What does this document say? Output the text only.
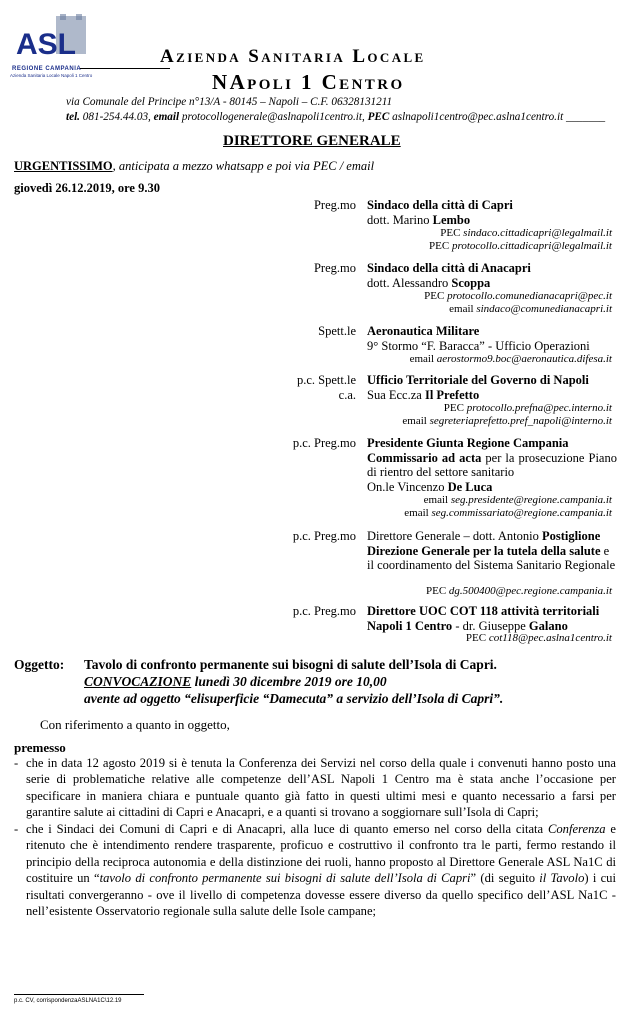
ASL
REGIONE CAMPANIA
Azienda Sanitaria Locale Napoli 1 Centro
Azienda Sanitaria Locale
NApoli 1 Centro
via Comunale del Principe n°13/A - 80145 – Napoli – C.F. 06328131211
tel. 081-254.44.03, email protocollogenerale@aslnapoli1centro.it, PEC aslnapoli1centro@pec.aslna1centro.it _______
DIRETTORE GENERALE
URGENTISSIMO, anticipata a mezzo whatsapp e poi via PEC / email
giovedì 26.12.2019, ore 9.30
Preg.mo Sindaco della città di Capri
dott. Marino Lembo
PEC sindaco.cittadicapri@legalmail.it
PEC protocollo.cittadicapri@legalmail.it
Preg.mo Sindaco della città di Anacapri
dott. Alessandro Scoppa
PEC protocollo.comunedianacapri@pec.it
email sindaco@comunedianacapri.it
Spett.le Aeronautica Militare
9° Stormo “F. Baracca” - Ufficio Operazioni
email aerostormo9.boc@aeronautica.difesa.it
p.c. Spett.le
c.a.
Ufficio Territoriale del Governo di Napoli
Sua Ecc.za Il Prefetto
PEC protocollo.prefna@pec.interno.it
email segreteriaprefetto.pref_napoli@interno.it
p.c. Preg.mo Presidente Giunta Regione Campania
Commissario ad acta per la prosecuzione Piano di rientro del settore sanitario
On.le Vincenzo De Luca
email seg.presidente@regione.campania.it
email seg.commissariato@regione.campania.it
p.c. Preg.mo Direttore Generale – dott. Antonio Postiglione
Direzione Generale per la tutela della salute e il coordinamento del Sistema Sanitario Regionale
PEC dg.500400@pec.regione.campania.it
p.c. Preg.mo Direttore UOC COT 118 attività territoriali Napoli 1 Centro - dr. Giuseppe Galano
PEC cot118@pec.aslna1centro.it
Oggetto: Tavolo di confronto permanente sui bisogni di salute dell’Isola di Capri.
CONVOCAZIONE lunedì 30 dicembre 2019 ore 10,00
avente ad oggetto “elisuperficie “Damecuta” a servizio dell’Isola di Capri”.
Con riferimento a quanto in oggetto,
premesso
- che in data 12 agosto 2019 si è tenuta la Conferenza dei Servizi nel corso della quale i convenuti hanno posto una serie di problematiche relative alle competenze dell’ASL Napoli 1 Centro ma è stata anche l’occasione per specificare in maniera chiara e puntuale quanto già fatto in questi ultimi mesi e quanto necessario a farsi per garantire salute ai cittadini di Capri e Anacapri, e a quanti si trovano a soggiornare sull’Isola di Capri;
- che i Sindaci dei Comuni di Capri e di Anacapri, alla luce di quanto emerso nel corso della citata Conferenza e ritenuto che è intendimento rendere trasparente, proficuo e costruttivo il confronto tra le parti, fermo restando il principio della reciproca autonomia e della distinzione dei ruoli, hanno proposto al Direttore Generale ASL Na1C di costituire un “tavolo di confronto permanente sui bisogni di salute dell’Isola di Capri” (di seguito il Tavolo) i cui risultati convergeranno - ove il livello di competenza dovesse essere diverso da quello specifico dell’ASL Na1C - nell’esistente Osservatorio regionale sulla salute delle Isole campane;
p.c. CV, corrispondenzaASLNA1C\12.19
